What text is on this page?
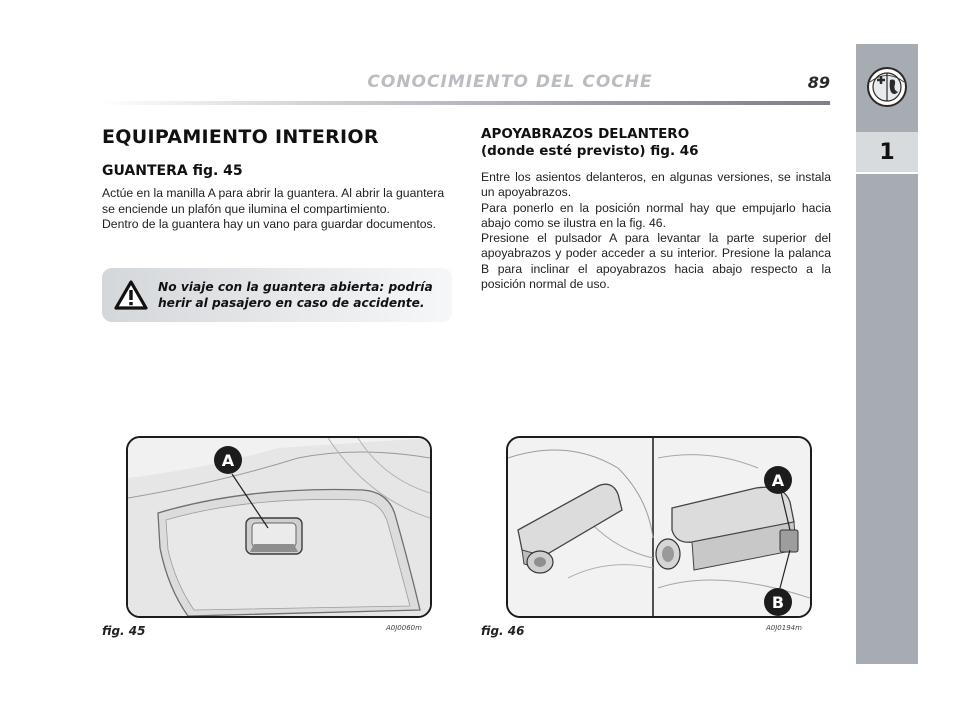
CONOCIMIENTO DEL COCHE	89
1
EQUIPAMIENTO INTERIOR
GUANTERA fig. 45

Actúe en la manilla A para abrir la guantera. Al abrir la guantera se enciende un plafón que ilumina el compartimiento.

Dentro de la guantera hay un vano para guardar documentos.

No viaje con la guantera abierta: podría herir al pasajero en caso de accidente.
APOYABRAZOS DELANTERO
(donde esté previsto) fig. 46

Entre los asientos delanteros, en algunas versiones, se instala un apoyabrazos.

Para ponerlo en la posición normal hay que empujarlo hacia abajo como se ilustra en la fig. 46.

Presione el pulsador A para levantar la parte superior del apoyabrazos y poder acceder a su interior. Presione la palanca B para inclinar el apoyabrazos hacia abajo respecto a la posición normal de uso.

A
fig. 45	A0J0060m
A
B
fig. 46	A0J0194m
